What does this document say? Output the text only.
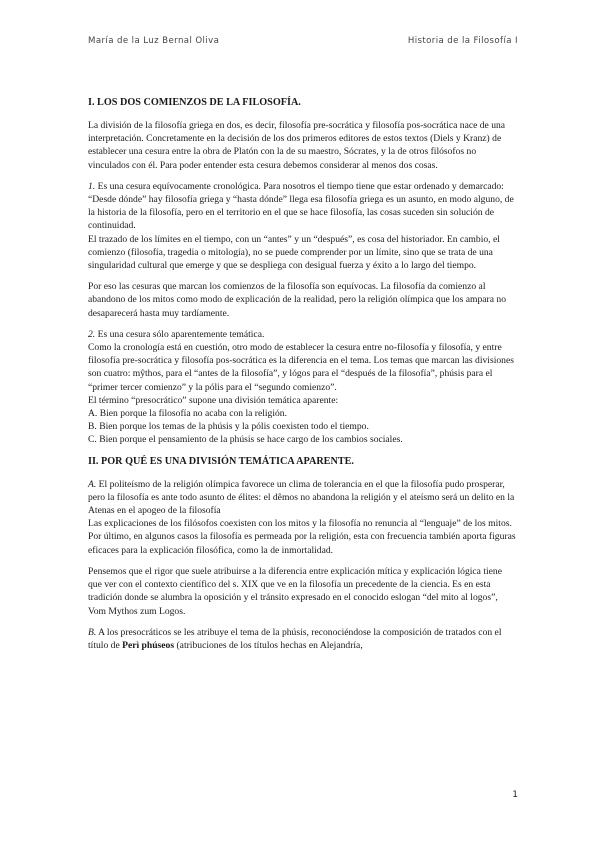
María de la Luz Bernal Oliva	Historia de la Filosofía I
I. LOS DOS COMIENZOS DE LA FILOSOFÍA.

La división de la filosofía griega en dos, es decir, filosofía pre-socrática y filosofía pos-socrática nace de una interpretación. Concretamente en la decisión de los dos primeros editores de estos textos (Diels y Kranz) de establecer una cesura entre la obra de Platón con la de su maestro, Sócrates, y la de otros filósofos no vinculados con él. Para poder entender esta cesura debemos considerar al menos dos cosas.

1. Es una cesura equívocamente cronológica. Para nosotros el tiempo tiene que estar ordenado y demarcado: “Desde dónde” hay filosofía griega y “hasta dónde” llega esa filosofía griega es un asunto, en modo alguno, de la historia de la filosofía, pero en el territorio en el que se hace filosofía, las cosas suceden sin solución de continuidad.

El trazado de los límites en el tiempo, con un “antes” y un “después”, es cosa del historiador. En cambio, el comienzo (filosofía, tragedia o mitología), no se puede comprender por un límite, sino que se trata de una singularidad cultural que emerge y que se despliega con desigual fuerza y éxito a lo largo del tiempo.

Por eso las cesuras que marcan los comienzos de la filosofía son equívocas. La filosofía da comienzo al abandono de los mitos como modo de explicación de la realidad, pero la religión olímpica que los ampara no desaparecerá hasta muy tardíamente.

2. Es una cesura sólo aparentemente temática.

Como la cronología está en cuestión, otro modo de establecer la cesura entre no-filosofía y filosofía, y entre filosofía pre-socrática y filosofía pos-socrática es la diferencia en el tema. Los temas que marcan las divisiones son cuatro: mŷthos, para el “antes de la filosofía”, y lógos para el “después de la filosofía”, phúsis para el “primer tercer comienzo” y la pólis para el “segundo comienzo”.

El término “presocrático” supone una división temática aparente:

A. Bien porque la filosofía no acaba con la religión.

B. Bien porque los temas de la phúsis y la pólis coexisten todo el tiempo.

C. Bien porque el pensamiento de la phúsis se hace cargo de los cambios sociales.

II. POR QUÉ ES UNA DIVISIÓN TEMÁTICA APARENTE.

A. El politeísmo de la religión olímpica favorece un clima de tolerancia en el que la filosofía pudo prosperar, pero la filosofía es ante todo asunto de élites: el dêmos no abandona la religión y el ateísmo será un delito en la Atenas en el apogeo de la filosofía

Las explicaciones de los filósofos coexisten con los mitos y la filosofía no renuncia al “lenguaje” de los mitos.

Por último, en algunos casos la filosofía es permeada por la religión, esta con frecuencia también aporta figuras eficaces para la explicación filosófica, como la de inmortalidad.

Pensemos que el rigor que suele atribuirse a la diferencia entre explicación mítica y explicación lógica tiene que ver con el contexto científico del s. XIX que ve en la filosofía un precedente de la ciencia. Es en esta tradición donde se alumbra la oposición y el tránsito expresado en el conocido eslogan “del mito al logos”, Vom Mythos zum Logos.

B. A los presocráticos se les atribuye el tema de la phúsis, reconociéndose la composición de tratados con el título de Perì phúseos (atribuciones de los títulos hechas en Alejandría,

1
